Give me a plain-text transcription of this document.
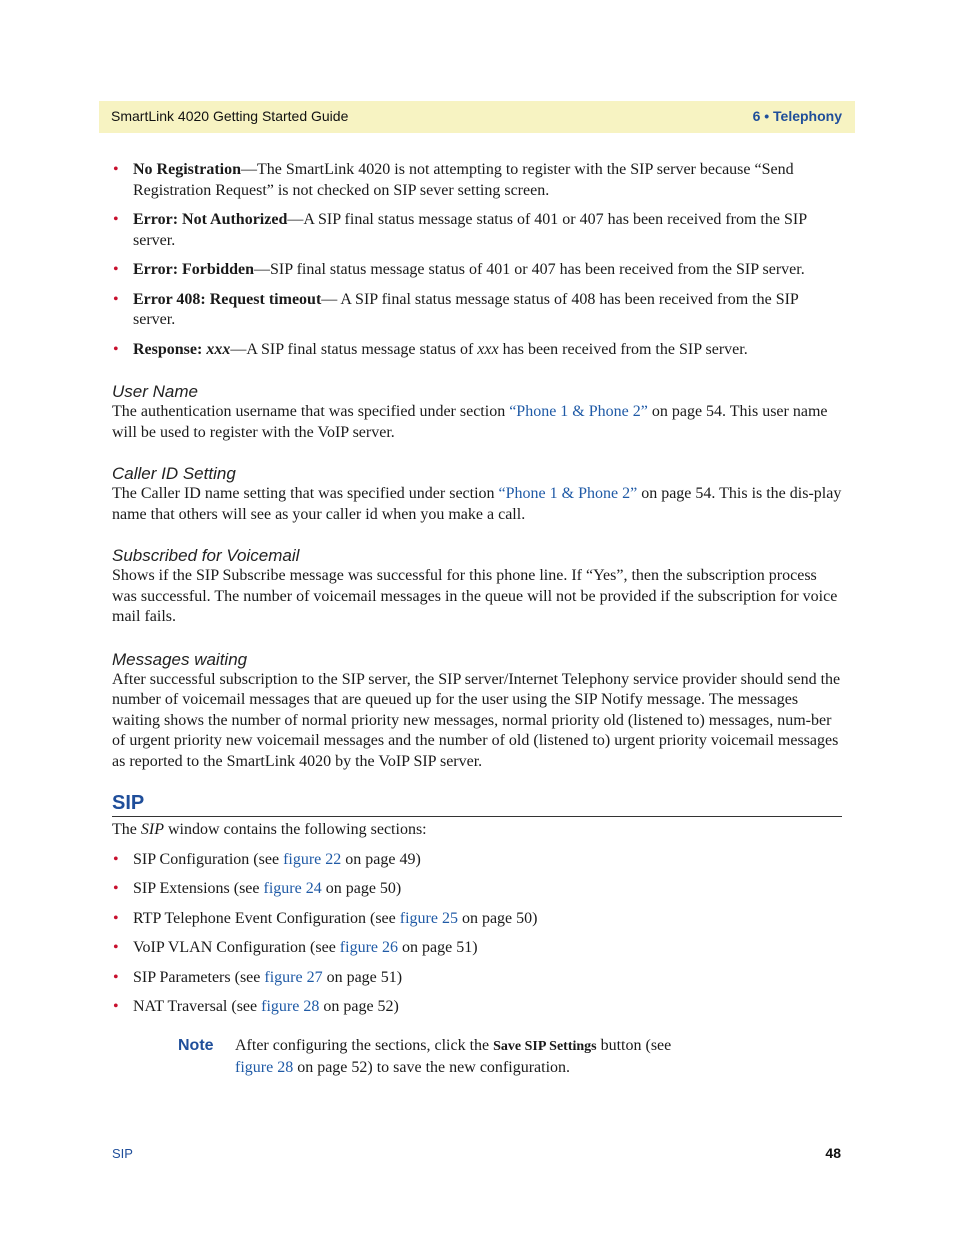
SmartLink 4020 Getting Started Guide	6 • Telephony
• No Registration—The SmartLink 4020 is not attempting to register with the SIP server because “Send Registration Request” is not checked on SIP sever setting screen.
• Error: Not Authorized—A SIP final status message status of 401 or 407 has been received from the SIP server.
• Error: Forbidden—SIP final status message status of 401 or 407 has been received from the SIP server.
• Error 408: Request timeout— A SIP final status message status of 408 has been received from the SIP server.
• Response: xxx—A SIP final status message status of xxx has been received from the SIP server.
User Name

The authentication username that was specified under section “Phone 1 & Phone 2” on page 54. This user name will be used to register with the VoIP server.

Caller ID Setting

The Caller ID name setting that was specified under section “Phone 1 & Phone 2” on page 54. This is the dis-play name that others will see as your caller id when you make a call.

Subscribed for Voicemail

Shows if the SIP Subscribe message was successful for this phone line. If “Yes”, then the subscription process was successful. The number of voicemail messages in the queue will not be provided if the subscription for voice mail fails.

Messages waiting

After successful subscription to the SIP server, the SIP server/Internet Telephony service provider should send the number of voicemail messages that are queued up for the user using the SIP Notify message. The messages waiting shows the number of normal priority new messages, normal priority old (listened to) messages, num-ber of urgent priority new voicemail messages and the number of old (listened to) urgent priority voicemail messages as reported to the SmartLink 4020 by the VoIP SIP server.

SIP

The SIP window contains the following sections:

• SIP Configuration (see figure 22 on page 49)
• SIP Extensions (see figure 24 on page 50)
• RTP Telephone Event Configuration (see figure 25 on page 50)
• VoIP VLAN Configuration (see figure 26 on page 51)
• SIP Parameters (see figure 27 on page 51)
• NAT Traversal (see figure 28 on page 52)
Note After configuring the sections, click the Save SIP Settings button (see
figure 28 on page 52) to save the new configuration.
SIP	48
